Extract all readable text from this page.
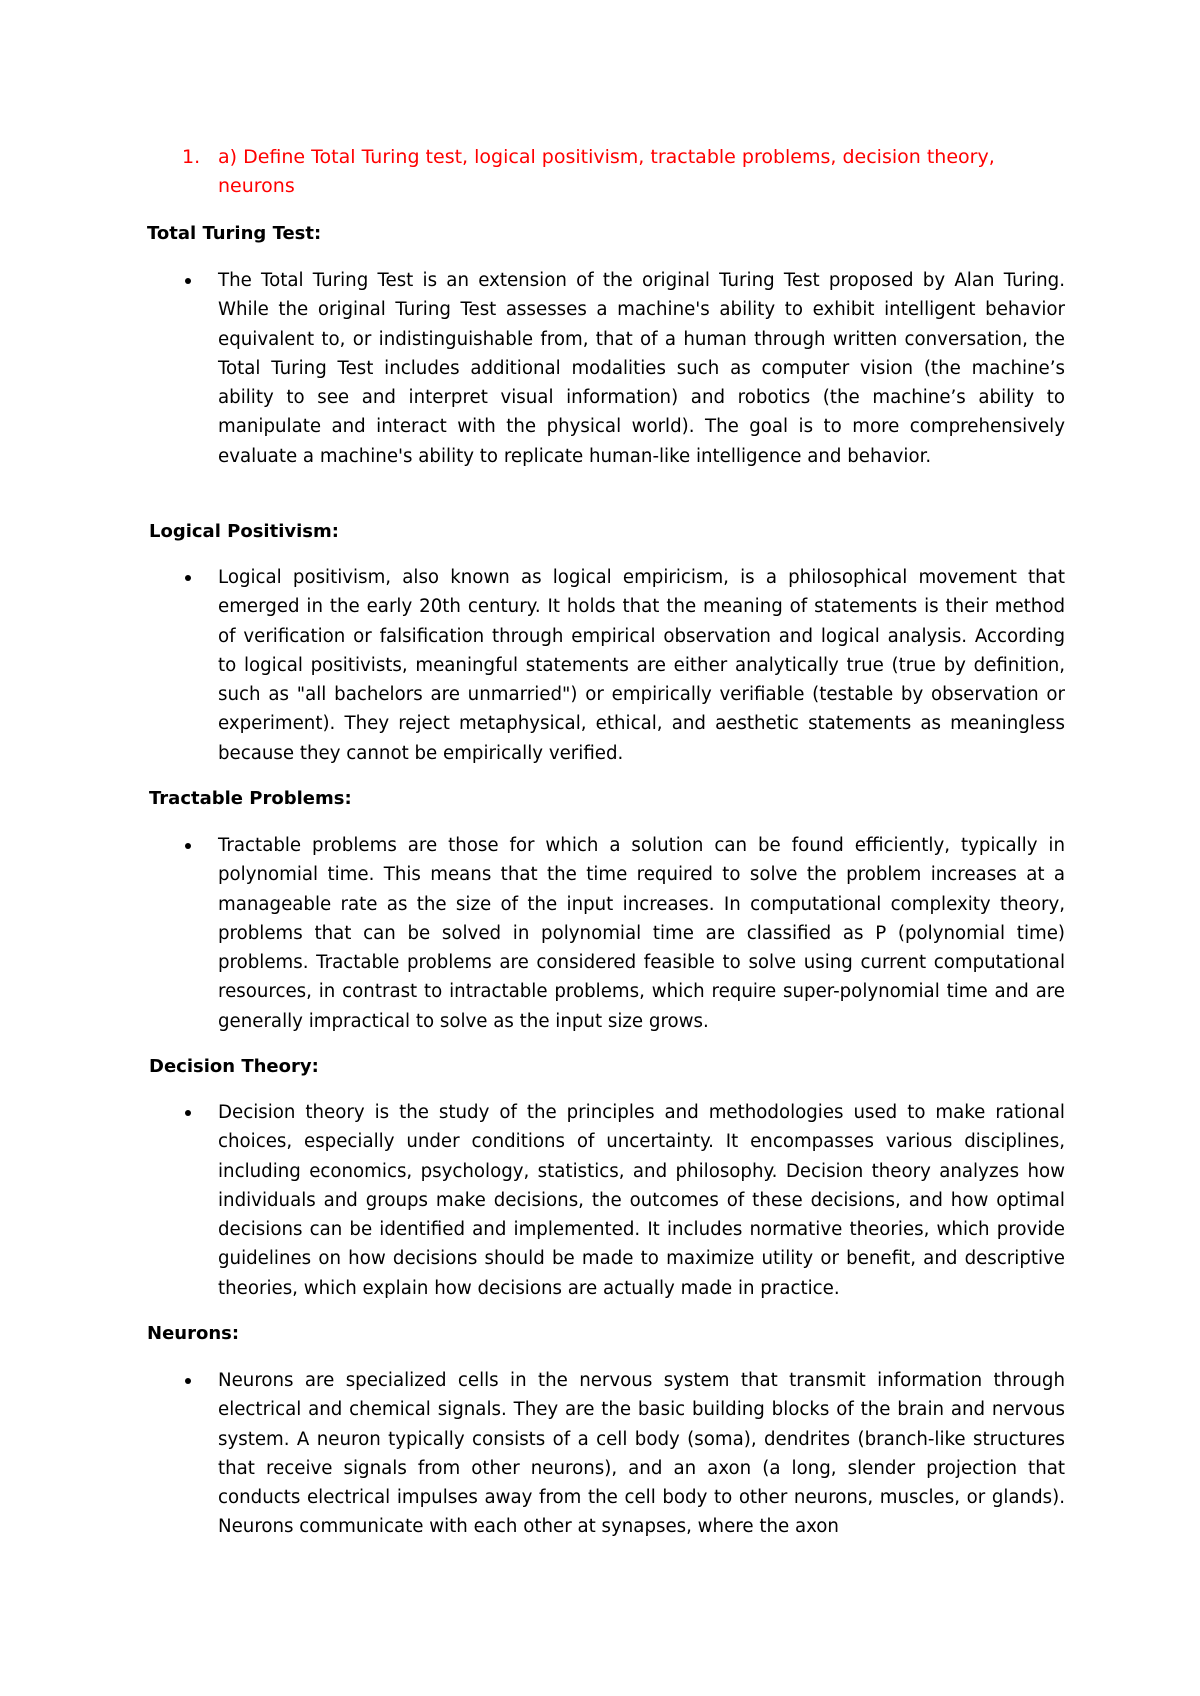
1. a) Define Total Turing test, logical positivism, tractable problems, decision theory, neurons
Total Turing Test:
The Total Turing Test is an extension of the original Turing Test proposed by Alan Turing. While the original Turing Test assesses a machine's ability to exhibit intelligent behavior equivalent to, or indistinguishable from, that of a human through written conversation, the Total Turing Test includes additional modalities such as computer vision (the machine’s ability to see and interpret visual information) and robotics (the machine’s ability to manipulate and interact with the physical world). The goal is to more comprehensively evaluate a machine's ability to replicate human-like intelligence and behavior.
Logical Positivism:
Logical positivism, also known as logical empiricism, is a philosophical movement that emerged in the early 20th century. It holds that the meaning of statements is their method of verification or falsification through empirical observation and logical analysis. According to logical positivists, meaningful statements are either analytically true (true by definition, such as "all bachelors are unmarried") or empirically verifiable (testable by observation or experiment). They reject metaphysical, ethical, and aesthetic statements as meaningless because they cannot be empirically verified.
Tractable Problems:
Tractable problems are those for which a solution can be found efficiently, typically in polynomial time. This means that the time required to solve the problem increases at a manageable rate as the size of the input increases. In computational complexity theory, problems that can be solved in polynomial time are classified as P (polynomial time) problems. Tractable problems are considered feasible to solve using current computational resources, in contrast to intractable problems, which require super-polynomial time and are generally impractical to solve as the input size grows.
Decision Theory:
Decision theory is the study of the principles and methodologies used to make rational choices, especially under conditions of uncertainty. It encompasses various disciplines, including economics, psychology, statistics, and philosophy. Decision theory analyzes how individuals and groups make decisions, the outcomes of these decisions, and how optimal decisions can be identified and implemented. It includes normative theories, which provide guidelines on how decisions should be made to maximize utility or benefit, and descriptive theories, which explain how decisions are actually made in practice.
Neurons:
Neurons are specialized cells in the nervous system that transmit information through electrical and chemical signals. They are the basic building blocks of the brain and nervous system. A neuron typically consists of a cell body (soma), dendrites (branch-like structures that receive signals from other neurons), and an axon (a long, slender projection that conducts electrical impulses away from the cell body to other neurons, muscles, or glands). Neurons communicate with each other at synapses, where the axon
